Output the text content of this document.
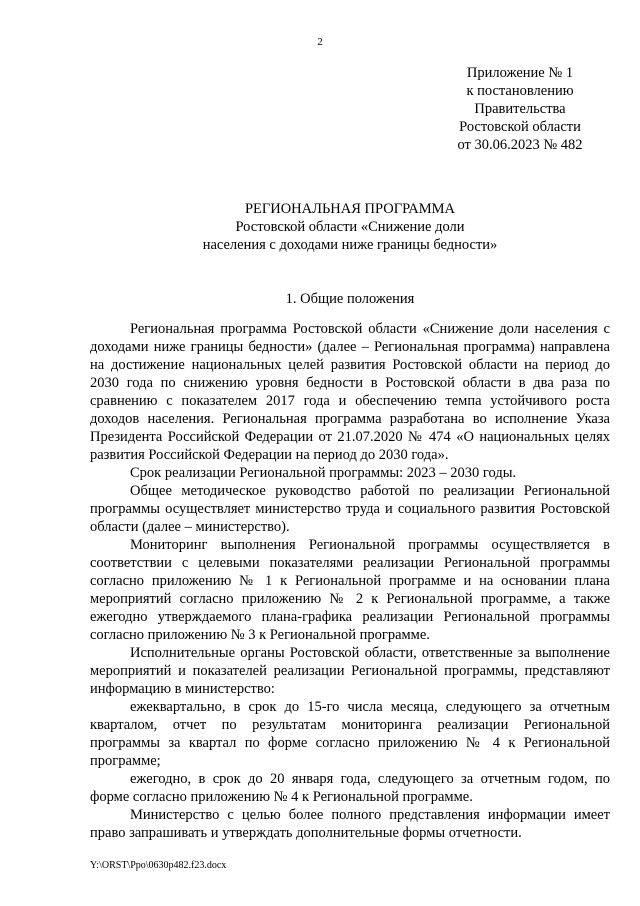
2
Приложение № 1
к постановлению
Правительства
Ростовской области
от 30.06.2023 № 482
РЕГИОНАЛЬНАЯ ПРОГРАММА
Ростовской области «Снижение доли
населения с доходами ниже границы бедности»
1. Общие положения

Региональная программа Ростовской области «Снижение доли населения с доходами ниже границы бедности» (далее – Региональная программа) направлена на достижение национальных целей развития Ростовской области на период до 2030 года по снижению уровня бедности в Ростовской области в два раза по сравнению с показателем 2017 года и обеспечению темпа устойчивого роста доходов населения. Региональная программа разработана во исполнение Указа Президента Российской Федерации от 21.07.2020 № 474 «О национальных целях развития Российской Федерации на период до 2030 года».

Срок реализации Региональной программы: 2023 – 2030 годы.

Общее методическое руководство работой по реализации Региональной программы осуществляет министерство труда и социального развития Ростовской области (далее – министерство).

Мониторинг выполнения Региональной программы осуществляется в соответствии с целевыми показателями реализации Региональной программы согласно приложению № 1 к Региональной программе и на основании плана мероприятий согласно приложению № 2 к Региональной программе, а также ежегодно утверждаемого плана-графика реализации Региональной программы согласно приложению № 3 к Региональной программе.

Исполнительные органы Ростовской области, ответственные за выполнение мероприятий и показателей реализации Региональной программы, представляют информацию в министерство:

ежеквартально, в срок до 15-го числа месяца, следующего за отчетным кварталом, отчет по результатам мониторинга реализации Региональной программы за квартал по форме согласно приложению № 4 к Региональной программе;

ежегодно, в срок до 20 января года, следующего за отчетным годом, по форме согласно приложению № 4 к Региональной программе.

Министерство с целью более полного представления информации имеет право запрашивать и утверждать дополнительные формы отчетности.

Y:\ORST\Ppo\0630p482.f23.docx
